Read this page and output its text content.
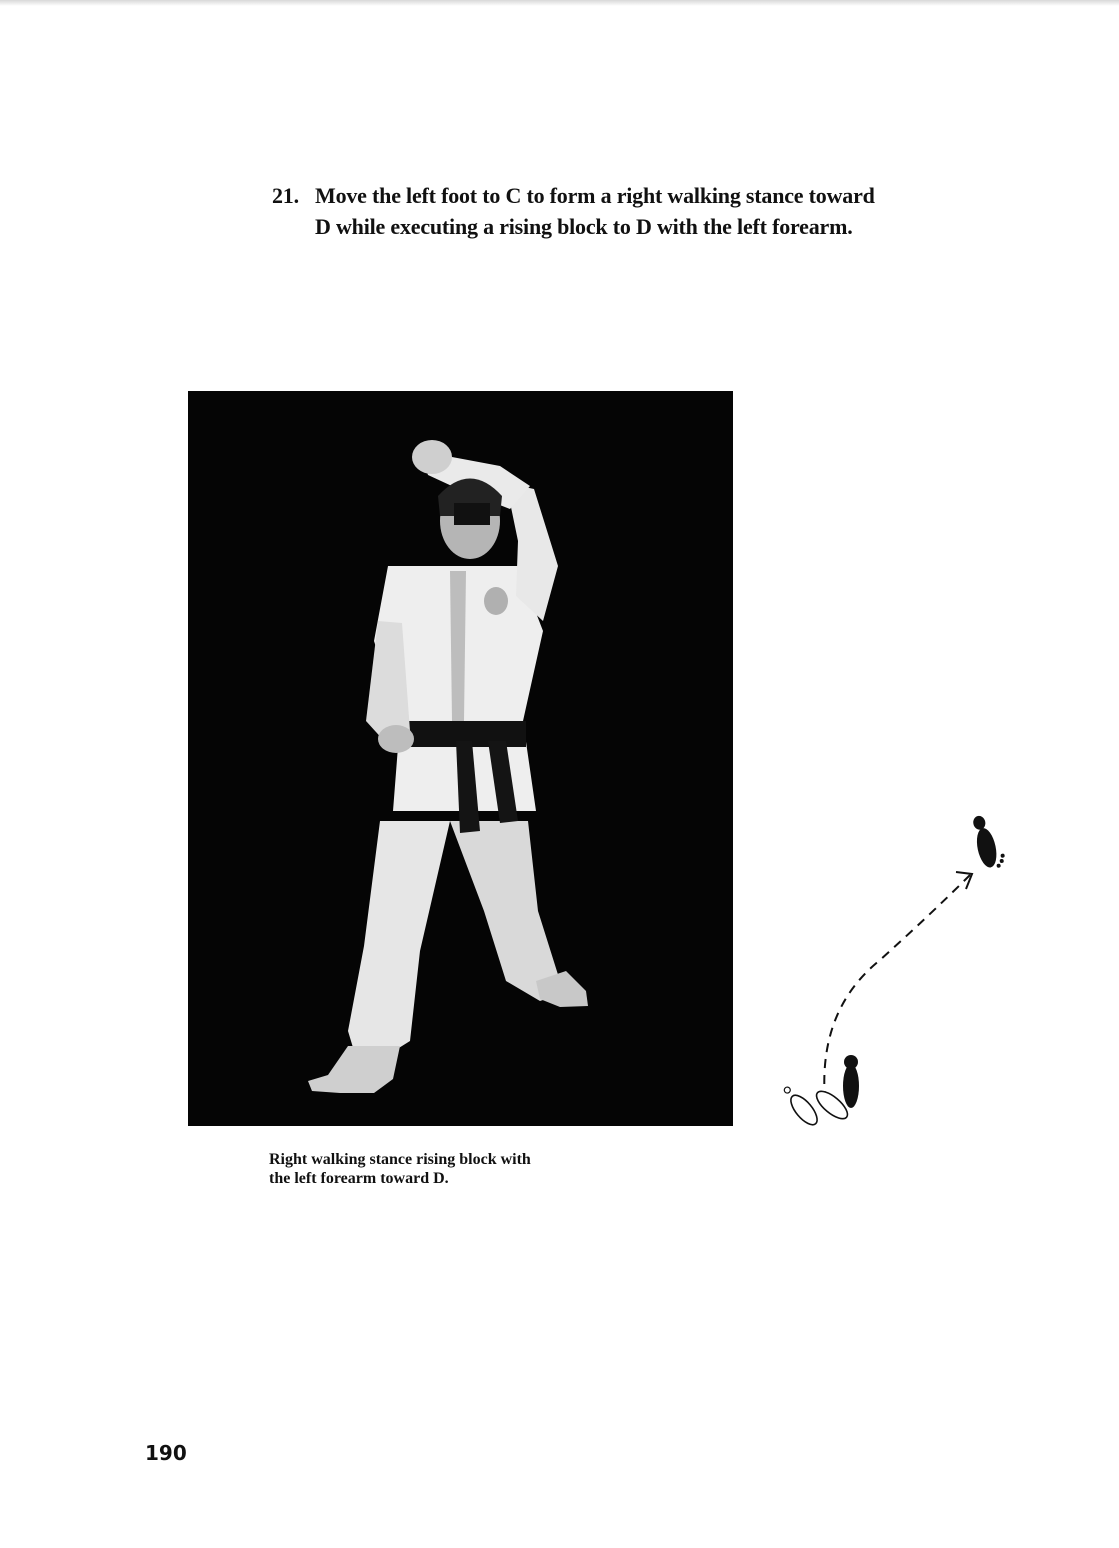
21. Move the left foot to C to form a right walking stance toward D while executing a rising block to D with the left forearm.
Right walking stance rising block with
the left forearm toward D.
190
